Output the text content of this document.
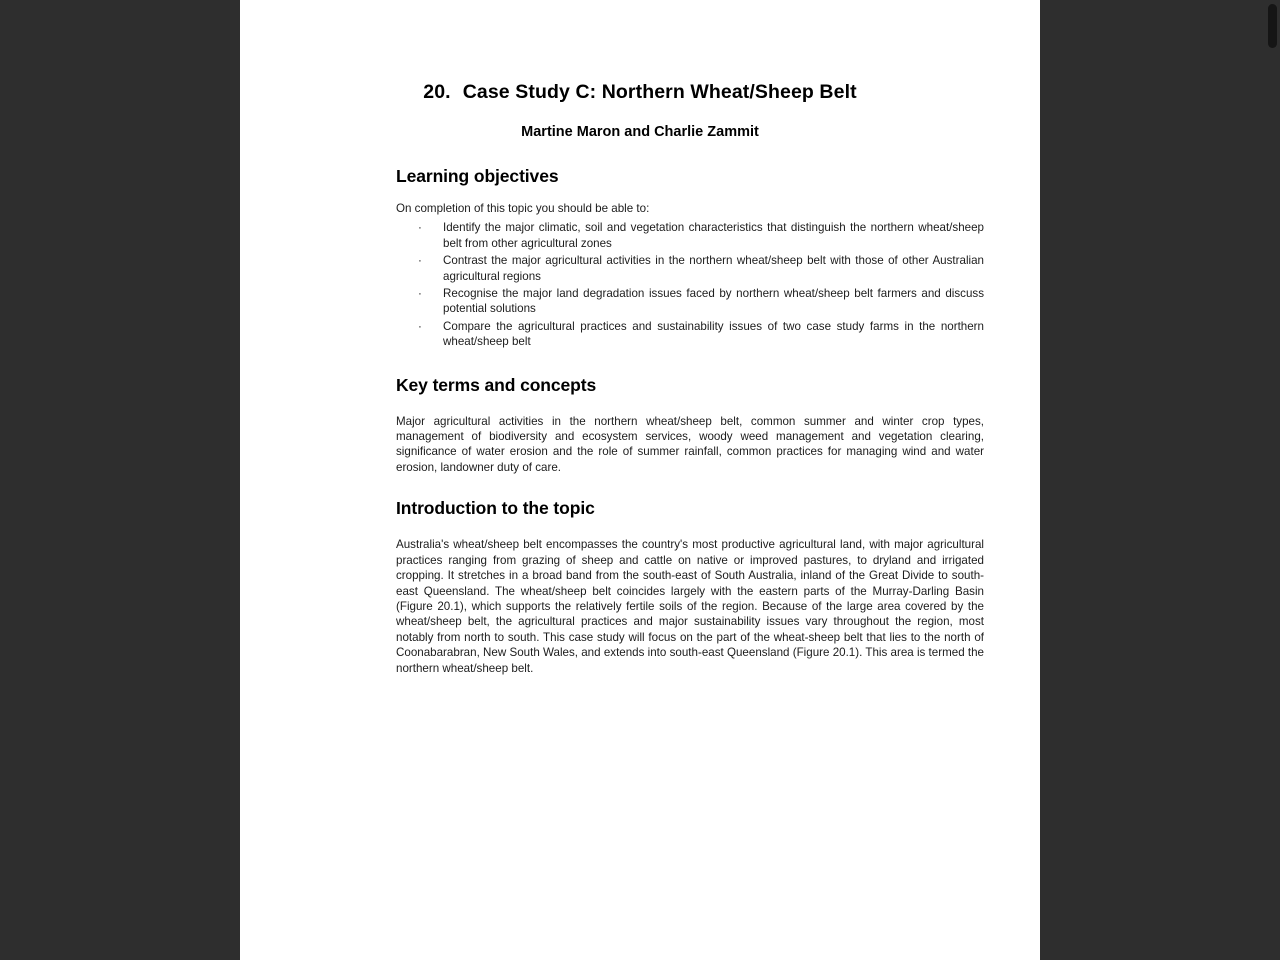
20. Case Study C: Northern Wheat/Sheep Belt
Martine Maron and Charlie Zammit
Learning objectives

On completion of this topic you should be able to:

· Identify the major climatic, soil and vegetation characteristics that distinguish the northern wheat/sheep belt from other agricultural zones
· Contrast the major agricultural activities in the northern wheat/sheep belt with those of other Australian agricultural regions
· Recognise the major land degradation issues faced by northern wheat/sheep belt farmers and discuss potential solutions
· Compare the agricultural practices and sustainability issues of two case study farms in the northern wheat/sheep belt
Key terms and concepts

Major agricultural activities in the northern wheat/sheep belt, common summer and winter crop types, management of biodiversity and ecosystem services, woody weed management and vegetation clearing, significance of water erosion and the role of summer rainfall, common practices for managing wind and water erosion, landowner duty of care.

Introduction to the topic

Australia's wheat/sheep belt encompasses the country's most productive agricultural land, with major agricultural practices ranging from grazing of sheep and cattle on native or improved pastures, to dryland and irrigated cropping. It stretches in a broad band from the south-east of South Australia, inland of the Great Divide to south-east Queensland. The wheat/sheep belt coincides largely with the eastern parts of the Murray-Darling Basin (Figure 20.1), which supports the relatively fertile soils of the region. Because of the large area covered by the wheat/sheep belt, the agricultural practices and major sustainability issues vary throughout the region, most notably from north to south. This case study will focus on the part of the wheat-sheep belt that lies to the north of Coonabarabran, New South Wales, and extends into south-east Queensland (Figure 20.1). This area is termed the northern wheat/sheep belt.
